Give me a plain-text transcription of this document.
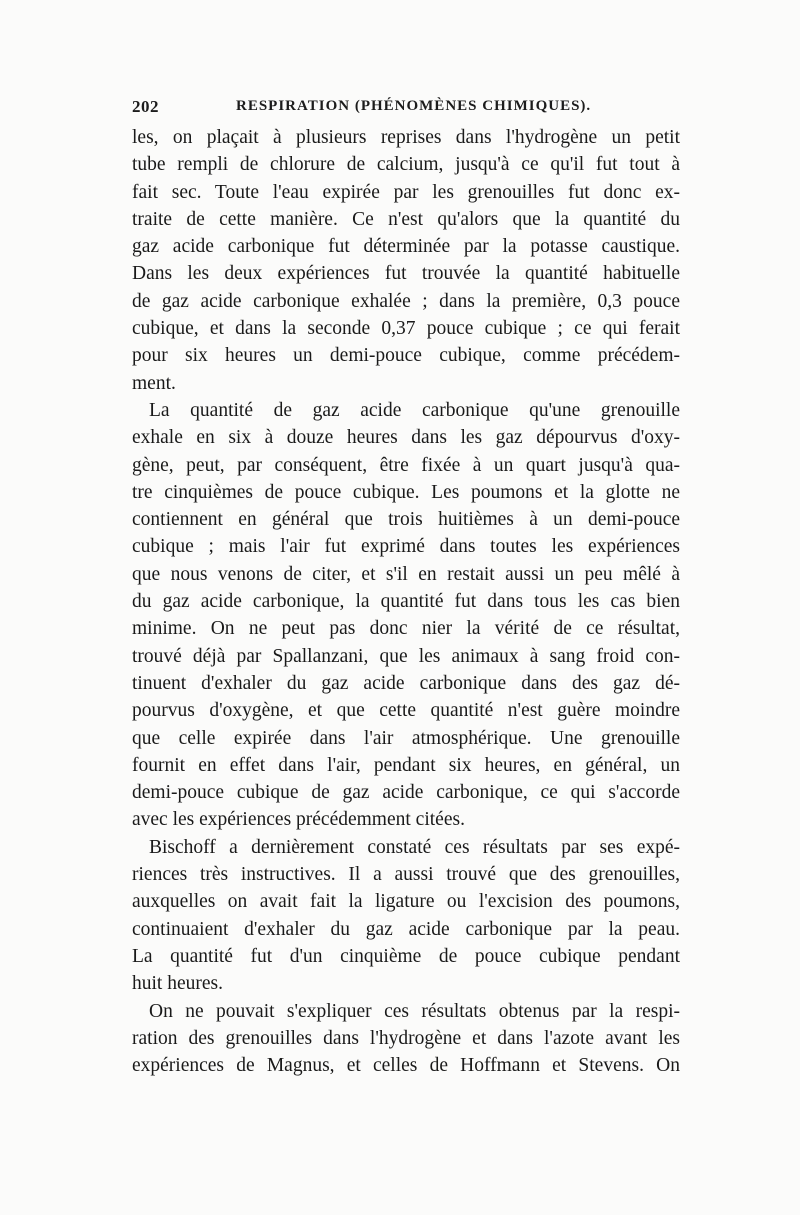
202	RESPIRATION (PHÉNOMÈNES CHIMIQUES).
les, on plaçait à plusieurs reprises dans l'hydrogène un petit
tube rempli de chlorure de calcium, jusqu'à ce qu'il fut tout à
fait sec. Toute l'eau expirée par les grenouilles fut donc ex-
traite de cette manière. Ce n'est qu'alors que la quantité du
gaz acide carbonique fut déterminée par la potasse caustique.
Dans les deux expériences fut trouvée la quantité habituelle
de gaz acide carbonique exhalée ; dans la première, 0,3 pouce
cubique, et dans la seconde 0,37 pouce cubique ; ce qui ferait
pour six heures un demi-pouce cubique, comme précédem-
ment.
La quantité de gaz acide carbonique qu'une grenouille
exhale en six à douze heures dans les gaz dépourvus d'oxy-
gène, peut, par conséquent, être fixée à un quart jusqu'à qua-
tre cinquièmes de pouce cubique. Les poumons et la glotte ne
contiennent en général que trois huitièmes à un demi-pouce
cubique ; mais l'air fut exprimé dans toutes les expériences
que nous venons de citer, et s'il en restait aussi un peu mêlé à
du gaz acide carbonique, la quantité fut dans tous les cas bien
minime. On ne peut pas donc nier la vérité de ce résultat,
trouvé déjà par Spallanzani, que les animaux à sang froid con-
tinuent d'exhaler du gaz acide carbonique dans des gaz dé-
pourvus d'oxygène, et que cette quantité n'est guère moindre
que celle expirée dans l'air atmosphérique. Une grenouille
fournit en effet dans l'air, pendant six heures, en général, un
demi-pouce cubique de gaz acide carbonique, ce qui s'accorde
avec les expériences précédemment citées.
Bischoff a dernièrement constaté ces résultats par ses expé-
riences très instructives. Il a aussi trouvé que des grenouilles,
auxquelles on avait fait la ligature ou l'excision des poumons,
continuaient d'exhaler du gaz acide carbonique par la peau.
La quantité fut d'un cinquième de pouce cubique pendant
huit heures.
On ne pouvait s'expliquer ces résultats obtenus par la respi-
ration des grenouilles dans l'hydrogène et dans l'azote avant les
expériences de Magnus, et celles de Hoffmann et Stevens. On
